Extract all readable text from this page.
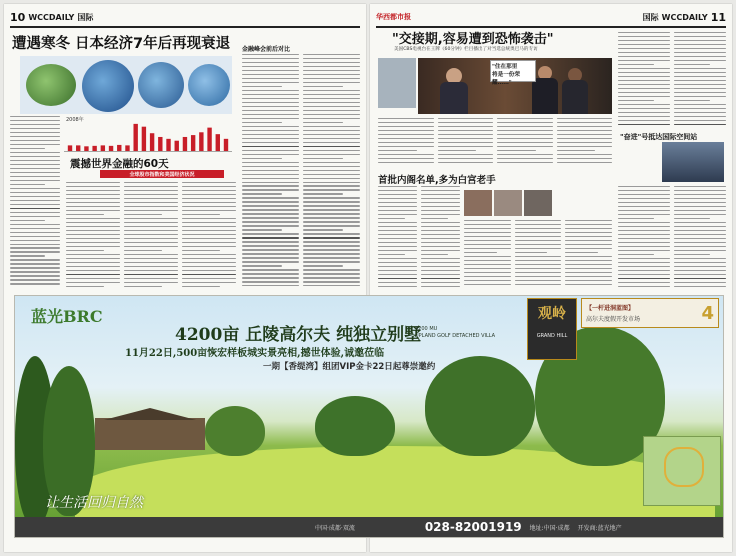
10 WCCDAILY 国际
遭遇寒冬 日本经济7年后再现衰退
2008年
震撼世界金融的60天
全球股市指数和美国经济状况
金融峰会前后对比
华西都市报	国际 WCCDAILY 11
"交接期,容易遭到恐怖袭击"
美国CBS电视台在王牌《60分钟》栏目播出了对当选总统奥巴马的专访
"住在那里
将是一份荣耀……"
首批内阁名单,多为白宫老手
"奋进"号抵达国际空间站
蓝光BRC
4200亩 丘陵高尔夫 纯独立别墅
4200 MU
UPLAND GOLF DETACHED VILLA
11月22日,500亩恢宏样板城实景亮相,撼世体验,诚邀莅临
一期【香缇湾】组团VIP金卡22日起尊崇邀约
观岭
GRAND HILL
【一杆进洞蓝图】
高尔夫度假开发市场	4
让生活回归自然
中国·成都·双流	028-82001919 地址:中国·成都 开发商:蓝光地产
